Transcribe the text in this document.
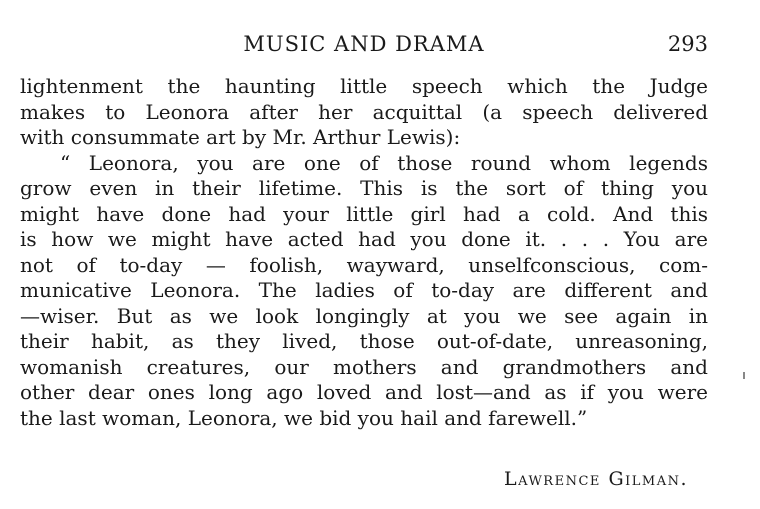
MUSIC AND DRAMA	293
lightenment the haunting little speech which the Judge
makes to Leonora after her acquittal (a speech delivered
with consummate art by Mr. Arthur Lewis):
“ Leonora, you are one of those round whom legends
grow even in their lifetime. This is the sort of thing you
might have done had your little girl had a cold. And this
is how we might have acted had you done it. . . . You are
not of to-day — foolish, wayward, unselfconscious, com-
municative Leonora. The ladies of to-day are different and
—wiser. But as we look longingly at you we see again in
their habit, as they lived, those out-of-date, unreasoning,
womanish creatures, our mothers and grandmothers and
other dear ones long ago loved and lost—and as if you were
the last woman, Leonora, we bid you hail and farewell.”
Lawrence Gilman.
